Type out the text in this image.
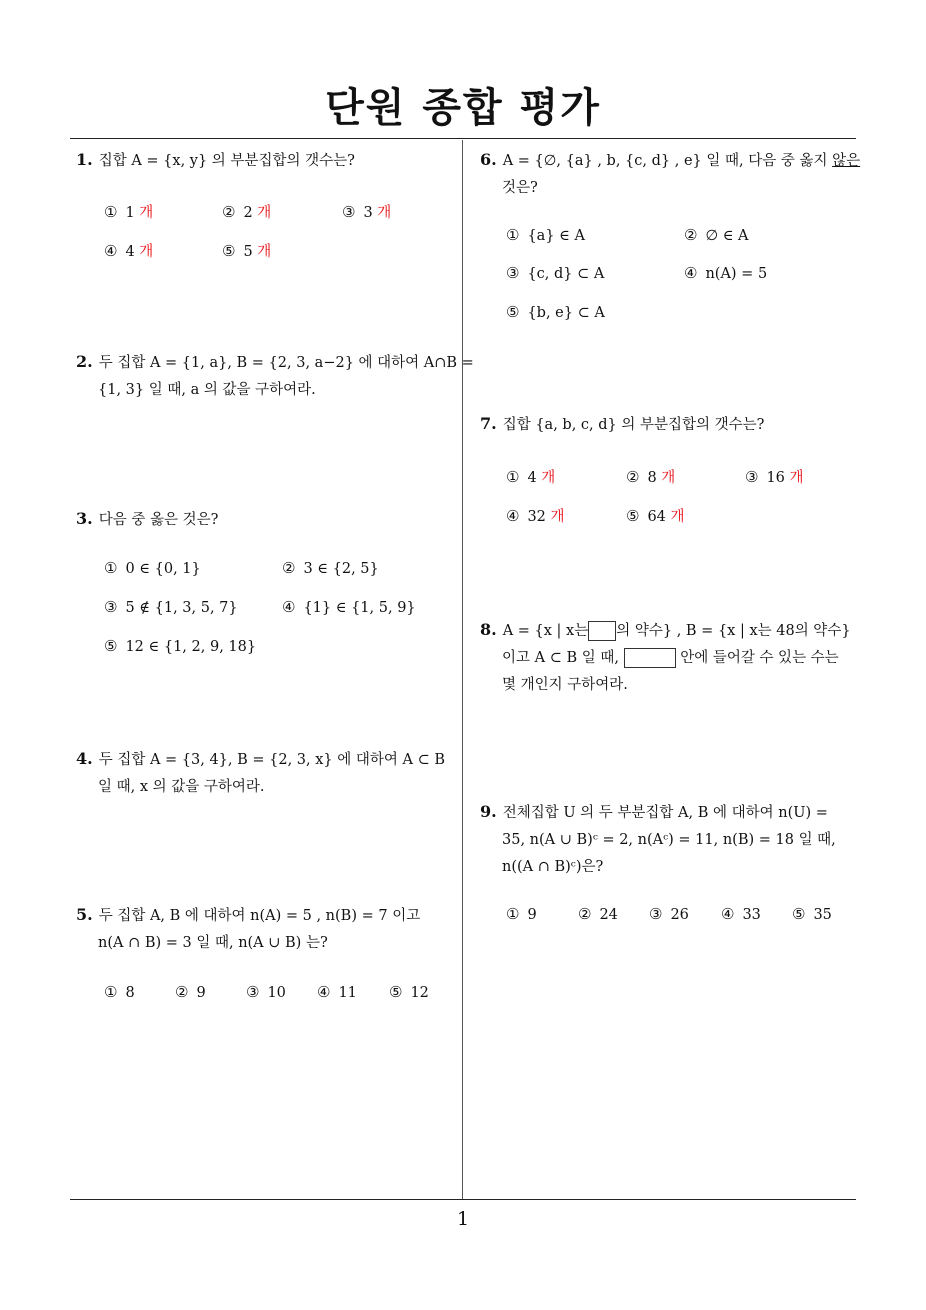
단원 종합 평가
1
1. 집합 A = {x, y} 의 부분집합의 갯수는?
① 1 개	② 2 개	③ 3 개
④ 4 개	⑤ 5 개
2. 두 집합 A = {1, a}, B = {2, 3, a−2} 에 대하여 A∩B =
{1, 3} 일 때, a 의 값을 구하여라.
3. 다음 중 옳은 것은?
① 0 ∈ {0, 1}	② 3 ∈ {2, 5}
③ 5 ∉ {1, 3, 5, 7}	④ {1} ∈ {1, 5, 9}
⑤ 12 ∈ {1, 2, 9, 18}
4. 두 집합 A = {3, 4}, B = {2, 3, x} 에 대하여 A ⊂ B
일 때, x 의 값을 구하여라.
5. 두 집합 A, B 에 대하여 n(A) = 5 , n(B) = 7 이고
n(A ∩ B) = 3 일 때, n(A ∪ B) 는?
① 8	② 9	③ 10 ④ 11 ⑤ 12
6. A = {∅, {a} , b, {c, d} , e} 일 때, 다음 중 옳지 않은
것은?
① {a} ∈ A	② ∅ ∈ A
③ {c, d} ⊂ A	④ n(A) = 5
⑤ {b, e} ⊂ A
7. 집합 {a, b, c, d} 의 부분집합의 갯수는?
① 4 개	② 8 개	③ 16 개
④ 32 개	⑤ 64 개
8. A = {x | x는 의 약수} , B = {x | x는 48의 약수}
이고 A ⊂ B 일 때,	안에 들어갈 수 있는 수는
몇 개인지 구하여라.
9. 전체집합 U 의 두 부분집합 A, B 에 대하여 n(U) =
35, n(A ∪ B)ᶜ = 2, n(Aᶜ) = 11, n(B) = 18 일 때,
n((A ∩ B)ᶜ)은?
① 9	② 24 ③ 26 ④ 33 ⑤ 35
